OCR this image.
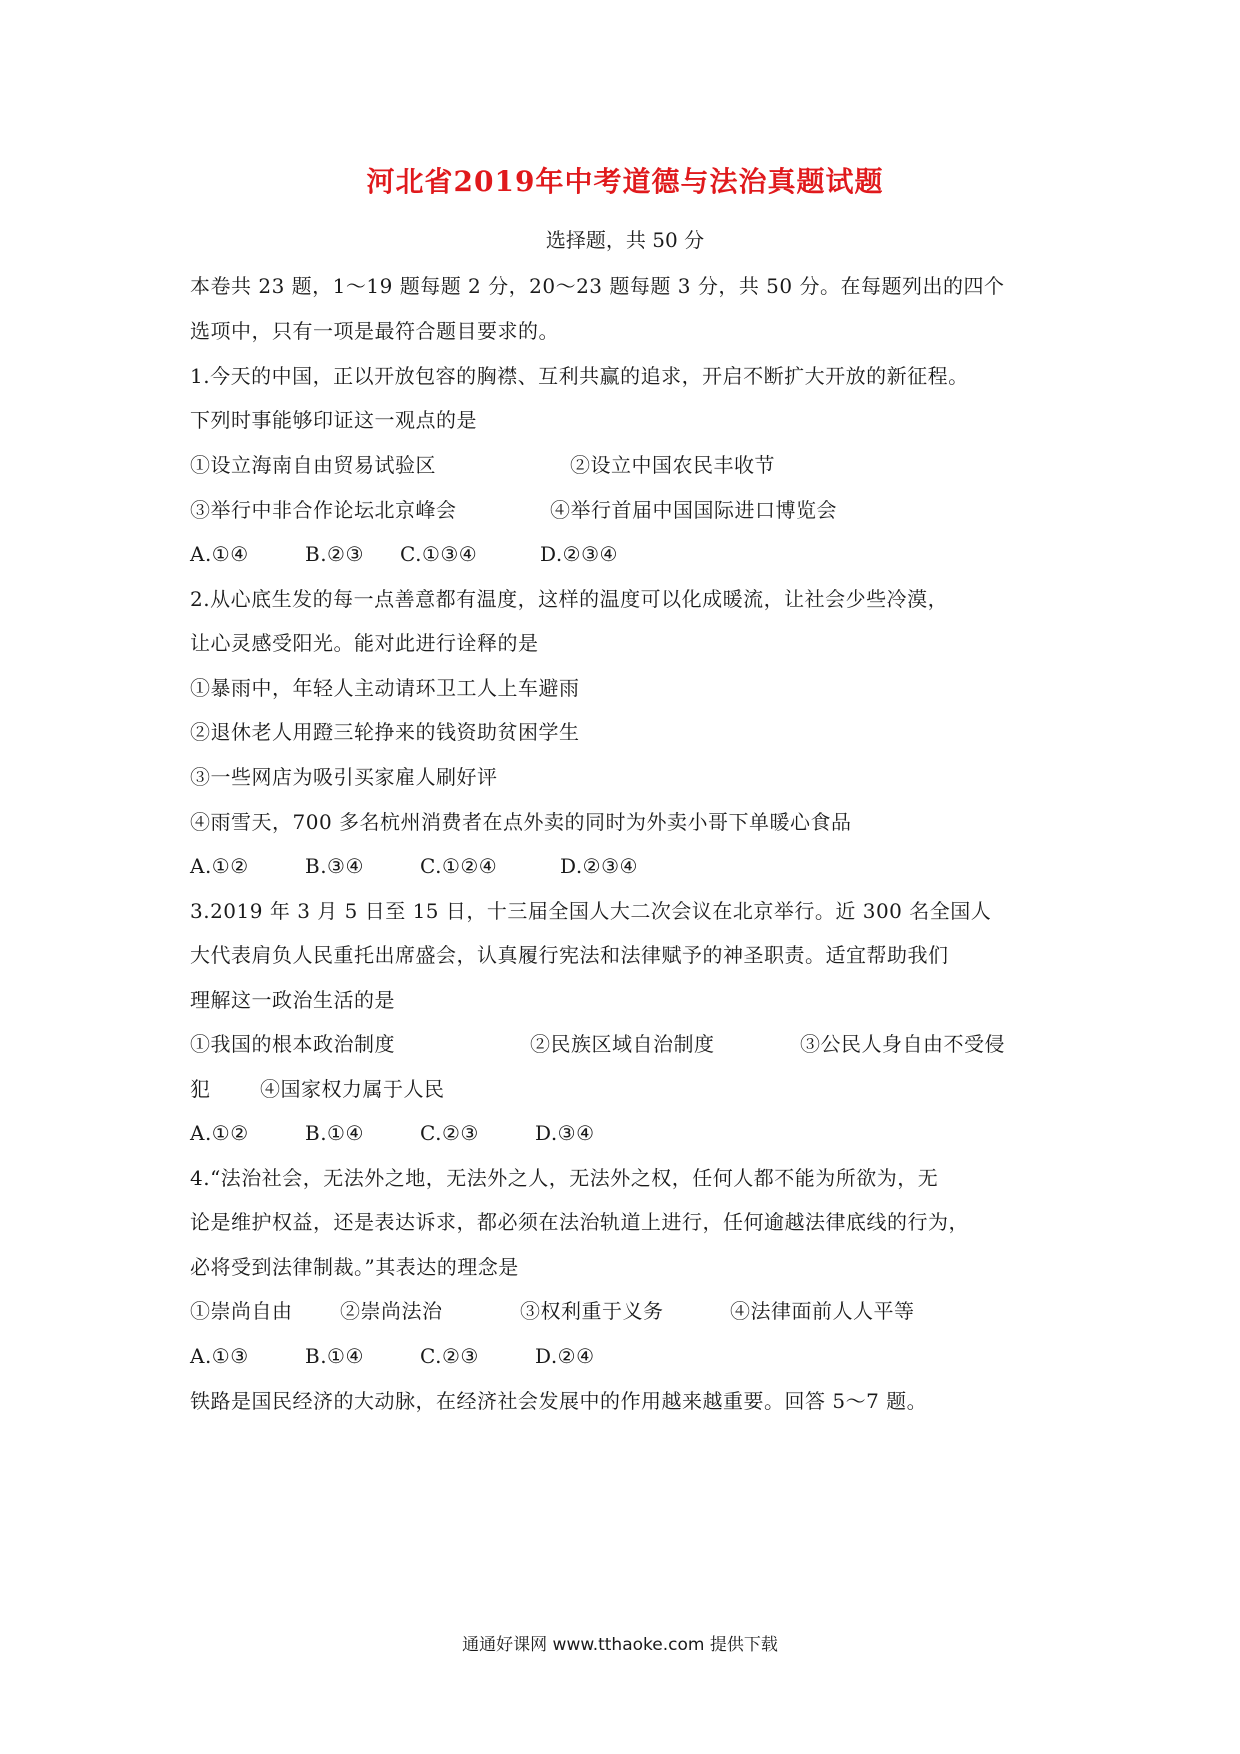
河北省2019年中考道德与法治真题试题
选择题，共 50 分
本卷共 23 题，1～19 题每题 2 分，20～23 题每题 3 分，共 50 分。在每题列出的四个
选项中，只有一项是最符合题目要求的。
1.今天的中国，正以开放包容的胸襟、互利共赢的追求，开启不断扩大开放的新征程。
下列时事能够印证这一观点的是
①设立海南自由贸易试验区	②设立中国农民丰收节
③举行中非合作论坛北京峰会	④举行首届中国国际进口博览会
A.①④	B.②③ C.①③④	D.②③④
2.从心底生发的每一点善意都有温度，这样的温度可以化成暖流，让社会少些冷漠，
让心灵感受阳光。能对此进行诠释的是
①暴雨中，年轻人主动请环卫工人上车避雨
②退休老人用蹬三轮挣来的钱资助贫困学生
③一些网店为吸引买家雇人刷好评
④雨雪天，700 多名杭州消费者在点外卖的同时为外卖小哥下单暖心食品
A.①②	B.③④	C.①②④	D.②③④
3.2019 年 3 月 5 日至 15 日，十三届全国人大二次会议在北京举行。近 300 名全国人
大代表肩负人民重托出席盛会，认真履行宪法和法律赋予的神圣职责。适宜帮助我们
理解这一政治生活的是
①我国的根本政治制度	②民族区域自治制度	③公民人身自由不受侵
犯 ④国家权力属于人民
A.①②	B.①④	C.②③	D.③④
4.“法治社会，无法外之地，无法外之人，无法外之权，任何人都不能为所欲为，无
论是维护权益，还是表达诉求，都必须在法治轨道上进行，任何逾越法律底线的行为，
必将受到法律制裁。”其表达的理念是
①崇尚自由 ②崇尚法治	③权利重于义务	④法律面前人人平等
A.①③	B.①④	C.②③	D.②④
铁路是国民经济的大动脉，在经济社会发展中的作用越来越重要。回答 5～7 题。
通通好课网 www.tthaoke.com 提供下载
